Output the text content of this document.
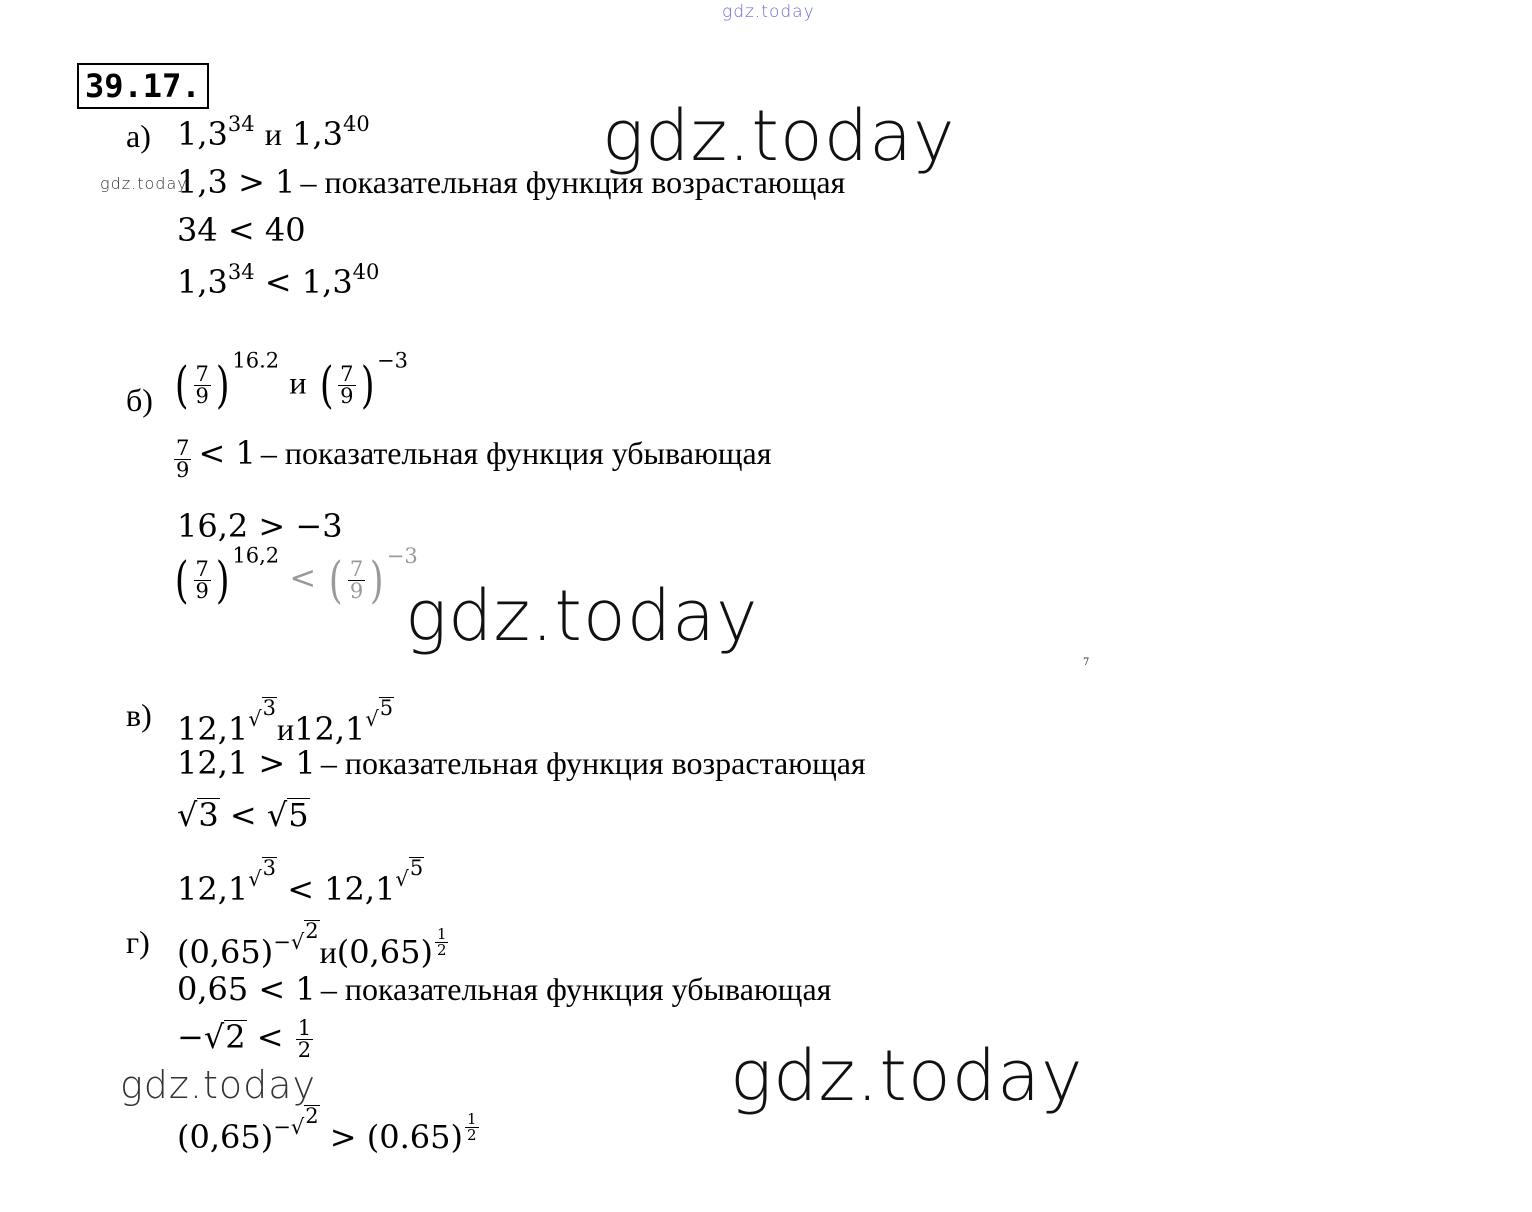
gdz.today
gdz.today
gdz.today
gdz.today
gdz.today
gdz.today
7
39.17.
а) $1,3^{34}$ и $1,3^{40}$
1,3 > 1 – показательная функция возрастающая
34 < 40
$1,3^{34} < 1,3^{40}$
б) ( $\frac{7}{9}$ ) $^{16.2}$ и ( $\frac{7}{9}$ ) $^{-3}$
$\frac{7}{9} < 1$ – показательная функция убывающая
16,2 > −3
( $\frac{7}{9}$ ) $^{16,2}$ < ( $\frac{7}{9}$ ) $^{-3}$
в) 12,1 $^{√ 3}$
и12,1 $^{√ 5}$
12,1 > 1 – показательная функция возрастающая
√ 3 < √ 5
12,1 $^{√ 3}$
< 12,1 $^{√ 5}$
г) $(0,65)^{- √ 2}$
и(0,65) $^{\frac{1}{2}}$
0,65 < 1 – показательная функция убывающая
− √ $2 < \frac{1}{2}$
$(0,65)^{- √ 2}$
> (0.65) $^{\frac{1}{2}}$
